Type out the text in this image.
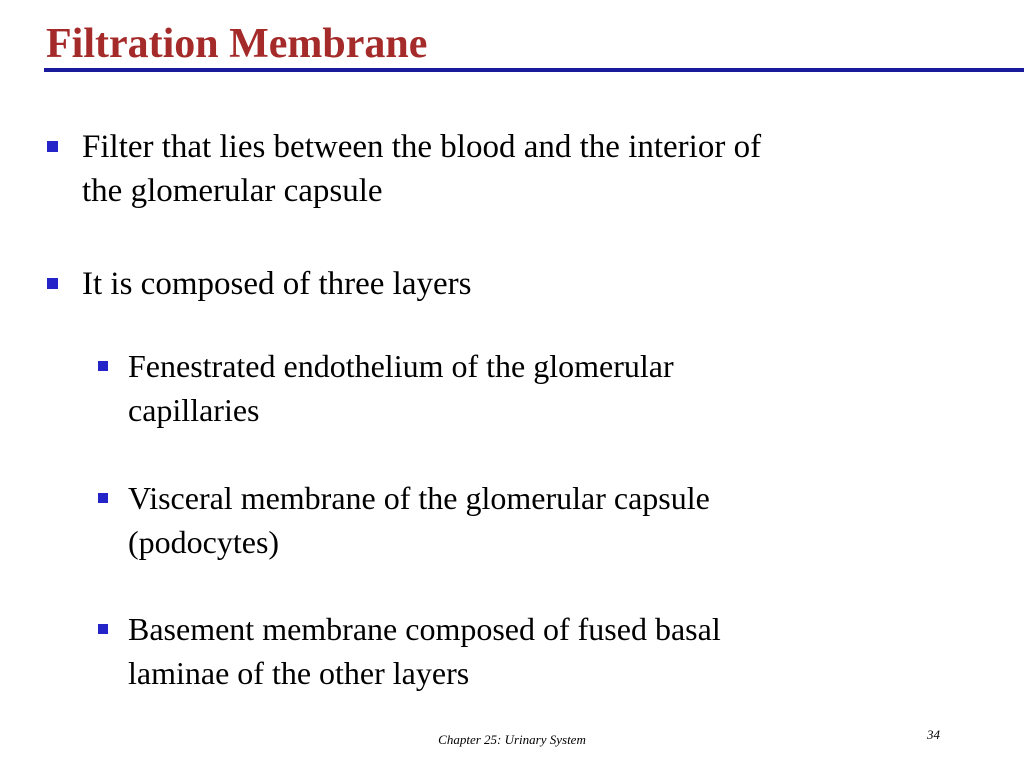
Filtration Membrane
Filter that lies between the blood and the interior of
the glomerular capsule
It is composed of three layers
Fenestrated endothelium of the glomerular
capillaries
Visceral membrane of the glomerular capsule
(podocytes)
Basement membrane composed of fused basal
laminae of the other layers
Chapter 25: Urinary System	34
